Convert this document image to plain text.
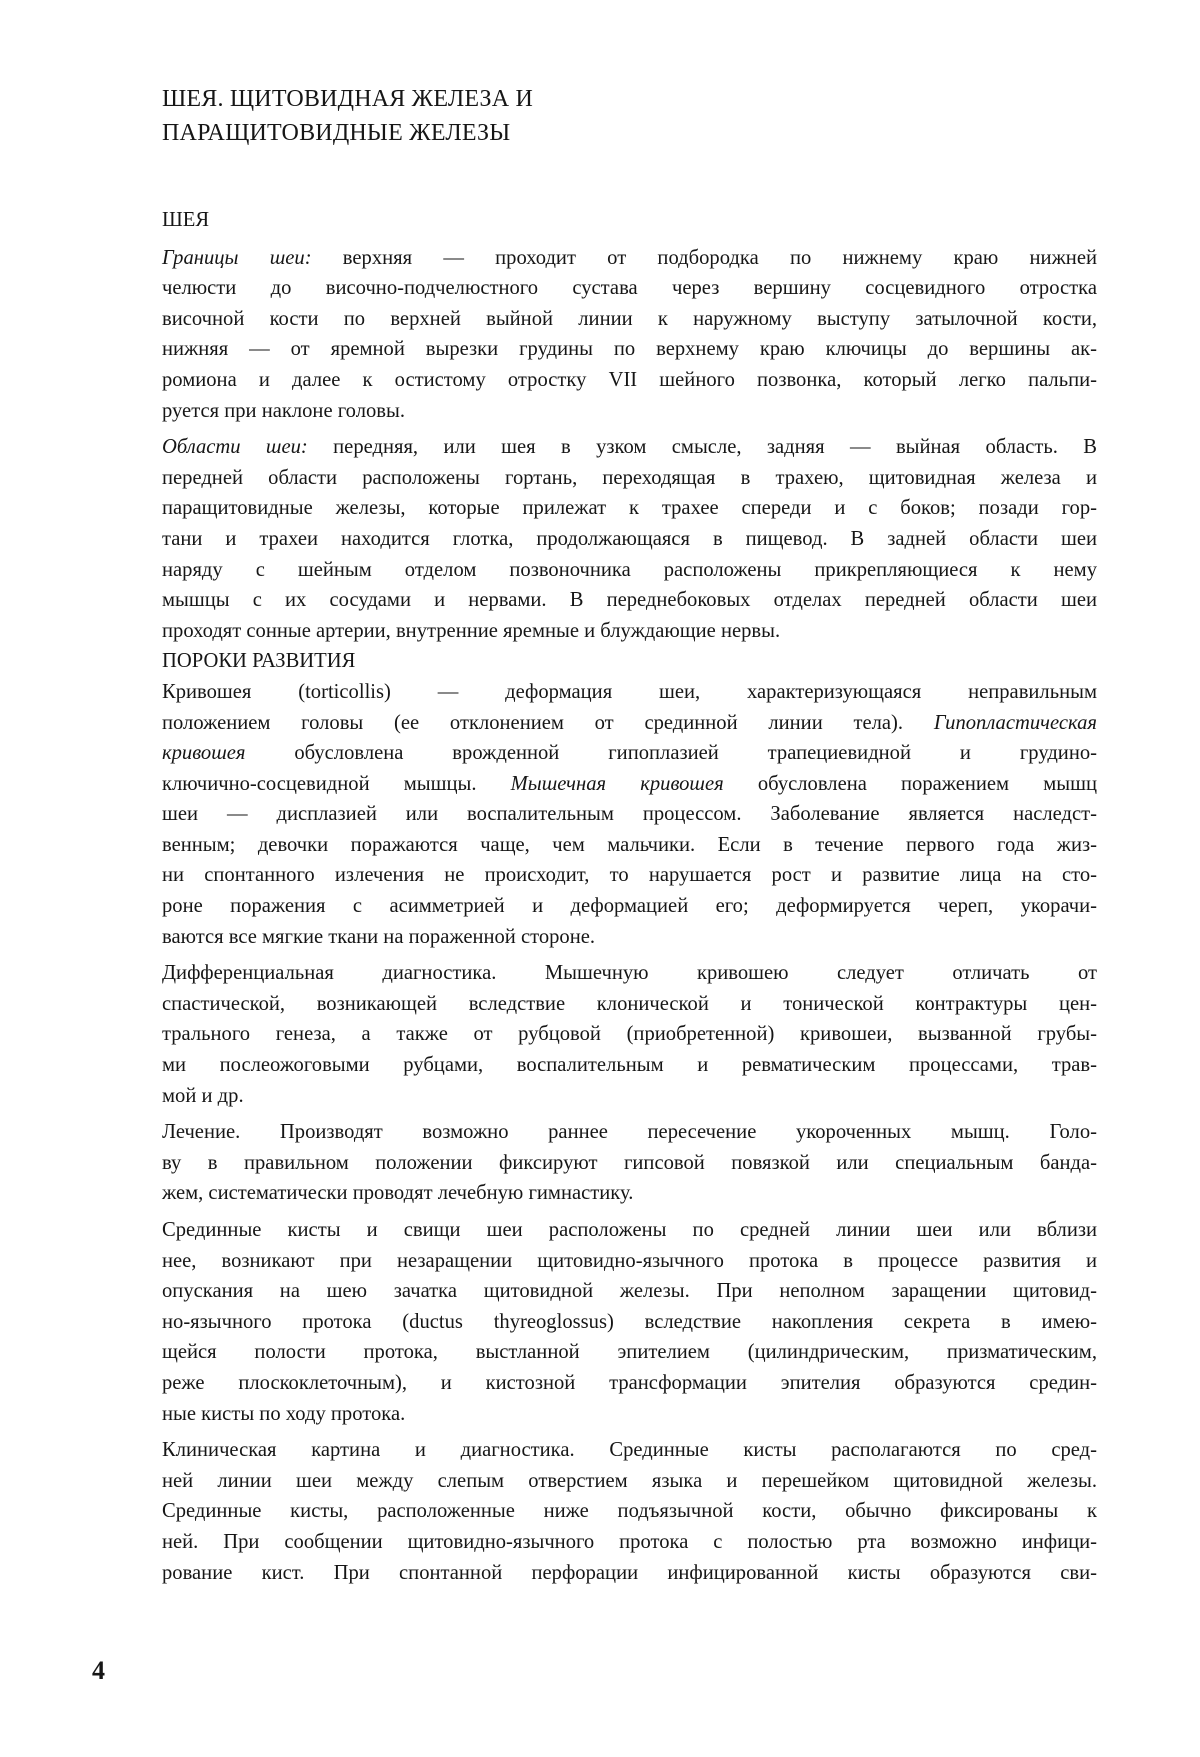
ШЕЯ. ЩИТОВИДНАЯ ЖЕЛЕЗА И
ПАРАЩИТОВИДНЫЕ ЖЕЛЕЗЫ
ШЕЯ

Границы шеи: верхняя — проходит от подбородка по нижнему краю нижней
челюсти до височно-подчелюстного сустава через вершину сосцевидного отростка
височной кости по верхней выйной линии к наружному выступу затылочной кости,
нижняя — от яремной вырезки грудины по верхнему краю ключицы до вершины ак-
ромиона и далее к остистому отростку VII шейного позвонка, который легко пальпи-
руется при наклоне головы.

Области шеи: передняя, или шея в узком смысле, задняя — выйная область. В
передней области расположены гортань, переходящая в трахею, щитовидная железа и
паращитовидные железы, которые прилежат к трахее спереди и с боков; позади гор-
тани и трахеи находится глотка, продолжающаяся в пищевод. В задней области шеи
наряду с шейным отделом позвоночника расположены прикрепляющиеся к нему
мышцы с их сосудами и нервами. В переднебоковых отделах передней области шеи
проходят сонные артерии, внутренние яремные и блуждающие нервы.

ПОРОКИ РАЗВИТИЯ

Кривошея (torticollis) — деформация шеи, характеризующаяся неправильным
положением головы (ее отклонением от срединной линии тела). Гипопластическая
кривошея обусловлена врожденной гипоплазией трапециевидной и грудино-
ключично-сосцевидной мышцы. Мышечная кривошея обусловлена поражением мышц
шеи — дисплазией или воспалительным процессом. Заболевание является наследст-
венным; девочки поражаются чаще, чем мальчики. Если в течение первого года жиз-
ни спонтанного излечения не происходит, то нарушается рост и развитие лица на сто-
роне поражения с асимметрией и деформацией его; деформируется череп, укорачи-
ваются все мягкие ткани на пораженной стороне.

Дифференциальная диагностика. Мышечную кривошею следует отличать от
спастической, возникающей вследствие клонической и тонической контрактуры цен-
трального генеза, а также от рубцовой (приобретенной) кривошеи, вызванной грубы-
ми послеожоговыми рубцами, воспалительным и ревматическим процессами, трав-
мой и др.

Лечение. Производят возможно раннее пересечение укороченных мышц. Голо-
ву в правильном положении фиксируют гипсовой повязкой или специальным банда-
жем, систематически проводят лечебную гимнастику.

Срединные кисты и свищи шеи расположены по средней линии шеи или вблизи
нее, возникают при незаращении щитовидно-язычного протока в процессе развития и
опускания на шею зачатка щитовидной железы. При неполном заращении щитовид-
но-язычного протока (ductus thyreoglossus) вследствие накопления секрета в имею-
щейся полости протока, выстланной эпителием (цилиндрическим, призматическим,
реже плоскоклеточным), и кистозной трансформации эпителия образуются средин-
ные кисты по ходу протока.

Клиническая картина и диагностика. Срединные кисты располагаются по сред-
ней линии шеи между слепым отверстием языка и перешейком щитовидной железы.
Срединные кисты, расположенные ниже подъязычной кости, обычно фиксированы к
ней. При сообщении щитовидно-язычного протока с полостью рта возможно инфици-
рование кист. При спонтанной перфорации инфицированной кисты образуются сви-

4
